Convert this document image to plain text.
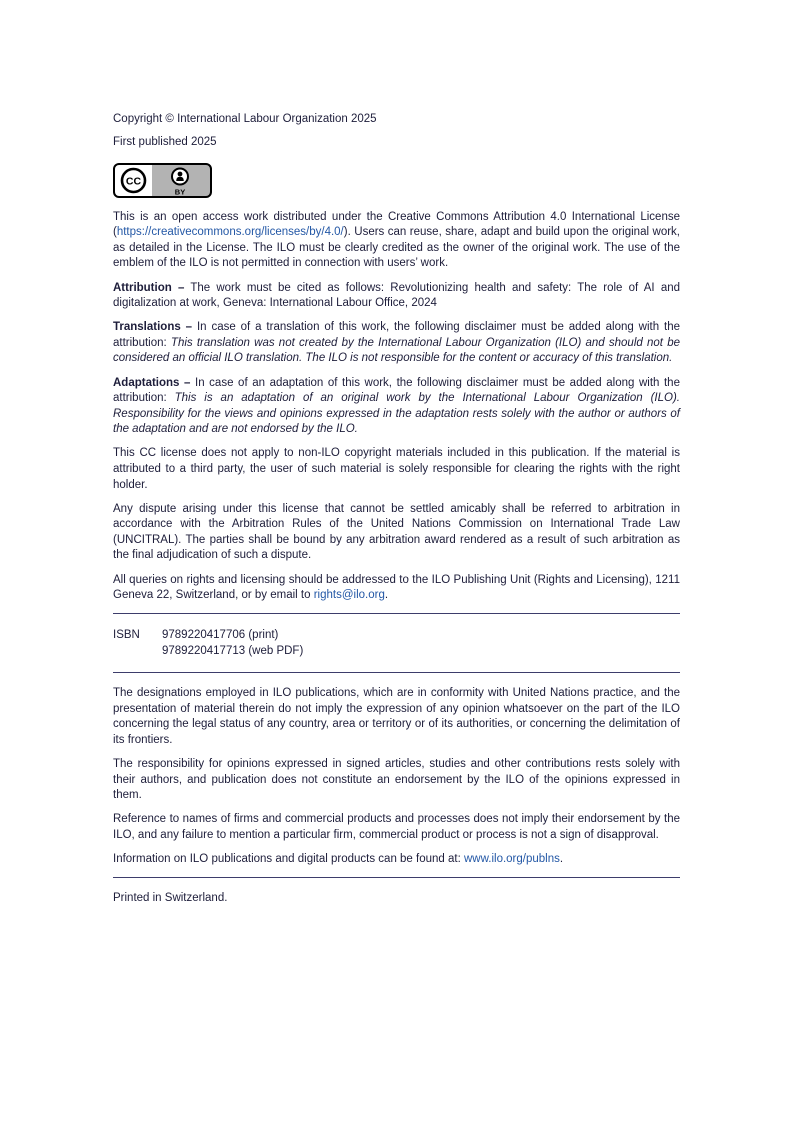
Copyright © International Labour Organization 2025

First published 2025

CC
BY

This is an open access work distributed under the Creative Commons Attribution 4.0 International License (https://creativecommons.org/licenses/by/4.0/). Users can reuse, share, adapt and build upon the original work, as detailed in the License. The ILO must be clearly credited as the owner of the original work. The use of the emblem of the ILO is not permitted in connection with users’ work.

Attribution – The work must be cited as follows: Revolutionizing health and safety: The role of AI and digitalization at work, Geneva: International Labour Office, 2024

Translations – In case of a translation of this work, the following disclaimer must be added along with the attribution: This translation was not created by the International Labour Organization (ILO) and should not be considered an official ILO translation. The ILO is not responsible for the content or accuracy of this translation.

Adaptations – In case of an adaptation of this work, the following disclaimer must be added along with the attribution: This is an adaptation of an original work by the International Labour Organization (ILO). Responsibility for the views and opinions expressed in the adaptation rests solely with the author or authors of the adaptation and are not endorsed by the ILO.

This CC license does not apply to non-ILO copyright materials included in this publication. If the material is attributed to a third party, the user of such material is solely responsible for clearing the rights with the right holder.

Any dispute arising under this license that cannot be settled amicably shall be referred to arbitration in accordance with the Arbitration Rules of the United Nations Commission on International Trade Law (UNCITRAL). The parties shall be bound by any arbitration award rendered as a result of such arbitration as the final adjudication of such a dispute.

All queries on rights and licensing should be addressed to the ILO Publishing Unit (Rights and Licensing), 1211 Geneva 22, Switzerland, or by email to rights@ilo.org.

ISBN	9789220417706 (print)
9789220417713 (web PDF)

The designations employed in ILO publications, which are in conformity with United Nations practice, and the presentation of material therein do not imply the expression of any opinion whatsoever on the part of the ILO concerning the legal status of any country, area or territory or of its authorities, or concerning the delimitation of its frontiers.

The responsibility for opinions expressed in signed articles, studies and other contributions rests solely with their authors, and publication does not constitute an endorsement by the ILO of the opinions expressed in them.

Reference to names of firms and commercial products and processes does not imply their endorsement by the ILO, and any failure to mention a particular firm, commercial product or process is not a sign of disapproval.

Information on ILO publications and digital products can be found at: www.ilo.org/publns.

Printed in Switzerland.
